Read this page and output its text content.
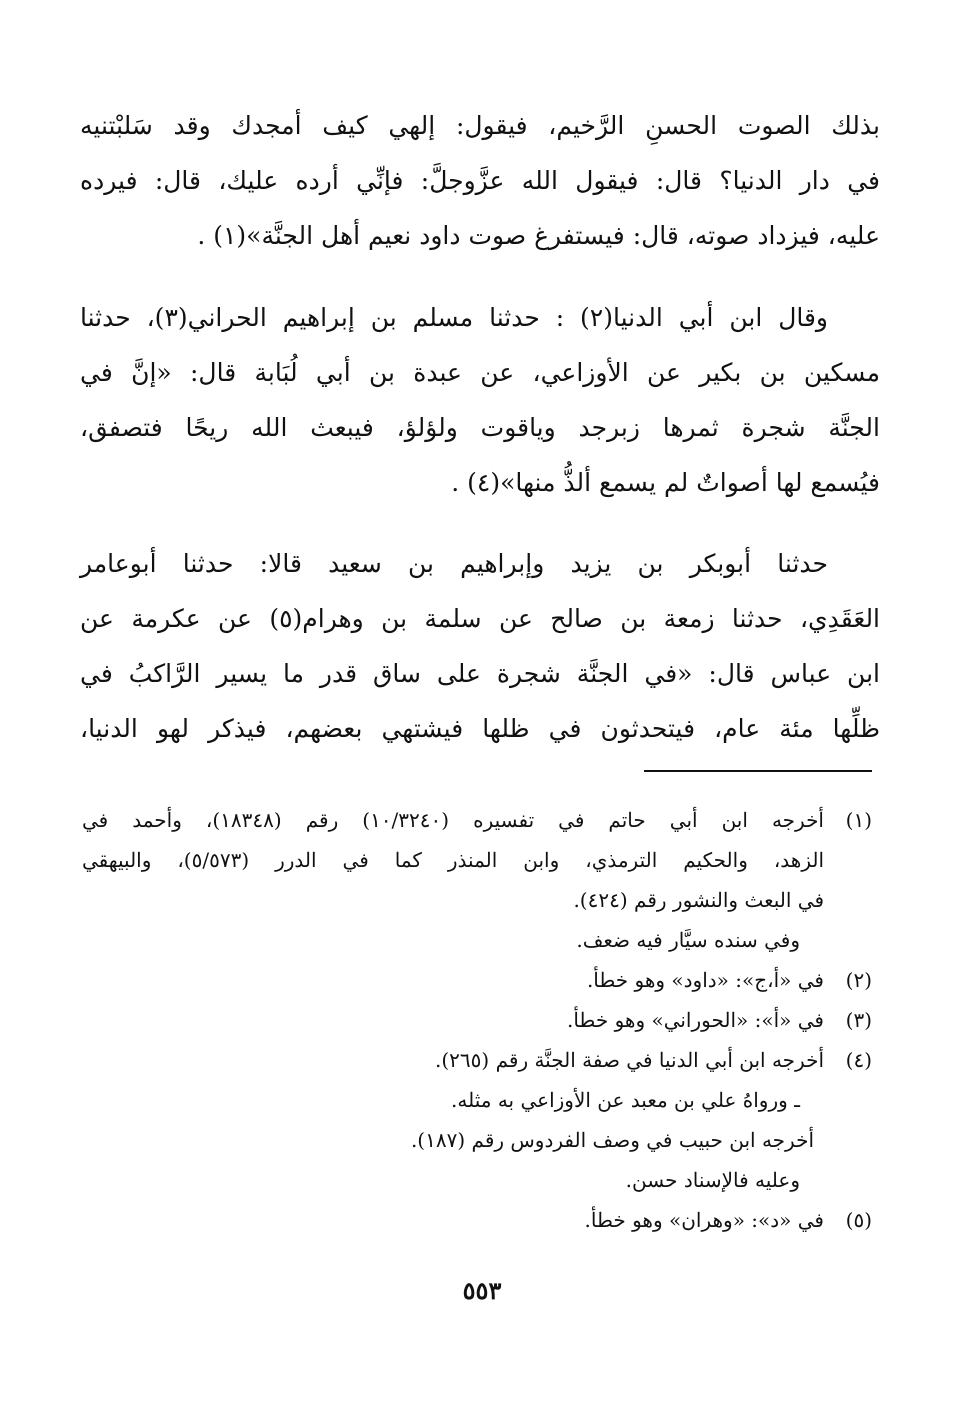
بذلك الصوت الحسنِ الرَّخيم، فيقول: إلهي كيف أمجدك وقد سَلبْتنيه
في دار الدنيا؟ قال: فيقول الله عزَّوجلَّ: فإنِّي أرده عليك، قال: فيرده
عليه، فيزداد صوته، قال: فيستفرغ صوت داود نعيم أهل الجنَّة»(١) .

وقال ابن أبي الدنيا(٢) : حدثنا مسلم بن إبراهيم الحراني(٣)، حدثنا
مسكين بن بكير عن الأوزاعي، عن عبدة بن أبي لُبَابة قال: «إنَّ في
الجنَّة شجرة ثمرها زبرجد وياقوت ولؤلؤ، فيبعث الله ريحًا فتصفق،
فيُسمع لها أصواتٌ لم يسمع ألذُّ منها»(٤) .

حدثنا أبوبكر بن يزيد وإبراهيم بن سعيد قالا: حدثنا أبوعامر
العَقَدِي، حدثنا زمعة بن صالح عن سلمة بن وهرام(٥) عن عكرمة عن
ابن عباس قال: «في الجنَّة شجرة على ساق قدر ما يسير الرَّاكبُ في
ظلِّها مئة عام، فيتحدثون في ظلها فيشتهي بعضهم، فيذكر لهو الدنيا،

(١)
أخرجه ابن أبي حاتم في تفسيره (١٠/٣٢٤٠) رقم (١٨٣٤٨)، وأحمد في
الزهد، والحكيم الترمذي، وابن المنذر كما في الدرر (٥/٥٧٣)، والبيهقي
في البعث والنشور رقم (٤٢٤).
وفي سنده سيَّار فيه ضعف.
(٢)
في «أ،ج»: «داود» وهو خطأ.
(٣)
في «أ»: «الحوراني» وهو خطأ.
(٤)
أخرجه ابن أبي الدنيا في صفة الجنَّة رقم (٢٦٥).
ـ ورواهُ علي بن معبد عن الأوزاعي به مثله.
أخرجه ابن حبيب في وصف الفردوس رقم (١٨٧).
وعليه فالإسناد حسن.
(٥)
في «د»: «وهران» وهو خطأ.
٥٥٣
